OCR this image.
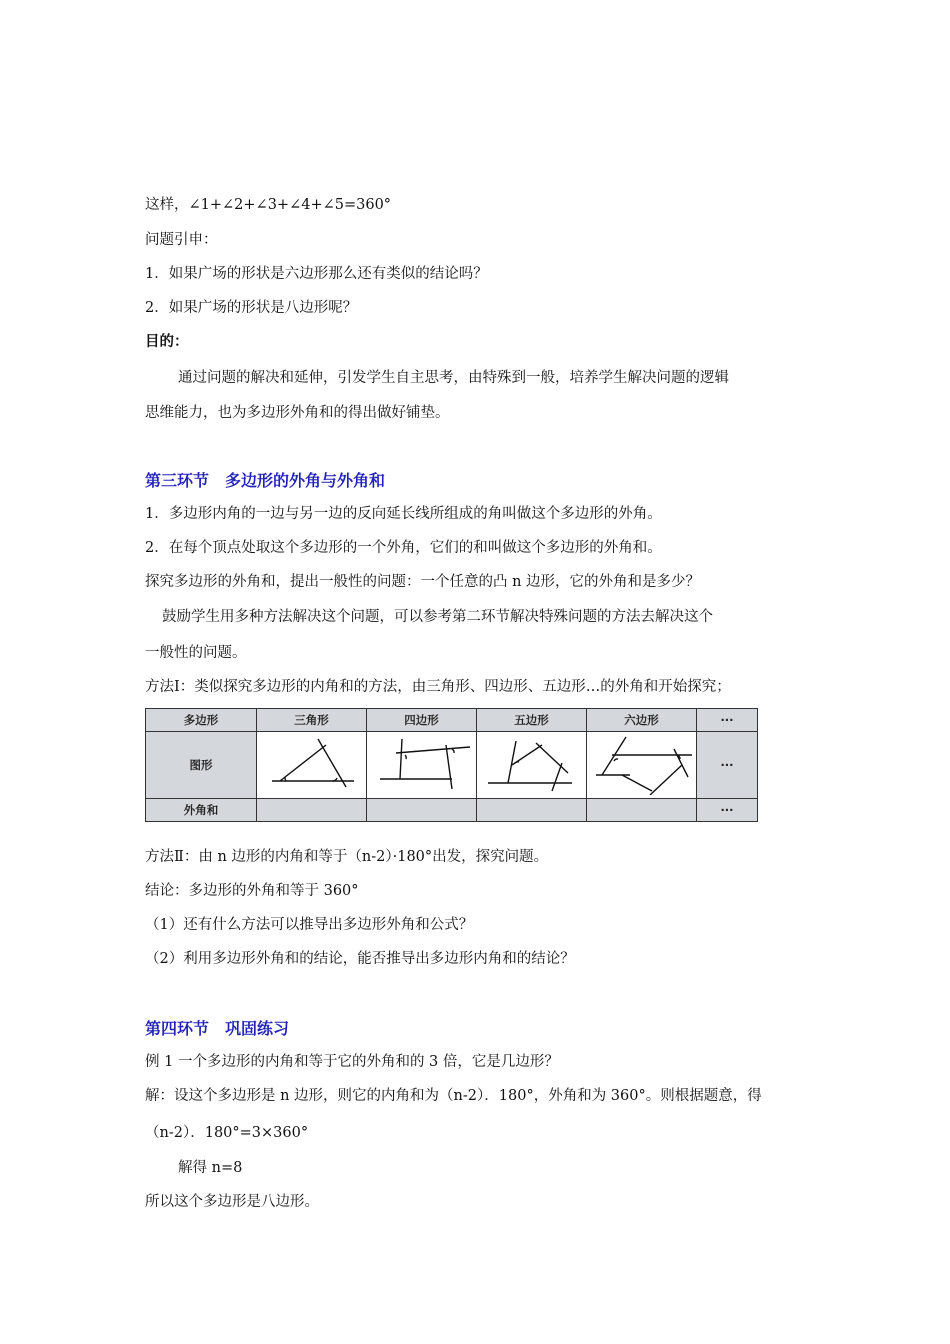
这样，∠1+∠2+∠3+∠4+∠5=360°
问题引申：
1．如果广场的形状是六边形那么还有类似的结论吗？
2．如果广场的形状是八边形呢？
目的：
通过问题的解决和延伸，引发学生自主思考，由特殊到一般，培养学生解决问题的逻辑
思维能力，也为多边形外角和的得出做好铺垫。
第三环节　多边形的外角与外角和
1．多边形内角的一边与另一边的反向延长线所组成的角叫做这个多边形的外角。
2．在每个顶点处取这个多边形的一个外角，它们的和叫做这个多边形的外角和。
探究多边形的外角和，提出一般性的问题：一个任意的凸 n 边形，它的外角和是多少？
鼓励学生用多种方法解决这个问题，可以参考第二环节解决特殊问题的方法去解决这个
一般性的问题。
方法Ⅰ：类似探究多边形的内角和的方法，由三角形、四边形、五边形…的外角和开始探究；
多边形	三角形	四边形	五边形	六边形	···
图形					···
外角和					···
方法Ⅱ：由 n 边形的内角和等于（n-2）·180°出发，探究问题。
结论：多边形的外角和等于 360°
（1）还有什么方法可以推导出多边形外角和公式？
（2）利用多边形外角和的结论，能否推导出多边形内角和的结论？
第四环节　巩固练习
例 1 一个多边形的内角和等于它的外角和的 3 倍，它是几边形？
解：设这个多边形是 n 边形，则它的内角和为（n-2）．180°，外角和为 360°。则根据题意，得
（n-2）．180°=3×360°
解得 n=8
所以这个多边形是八边形。
